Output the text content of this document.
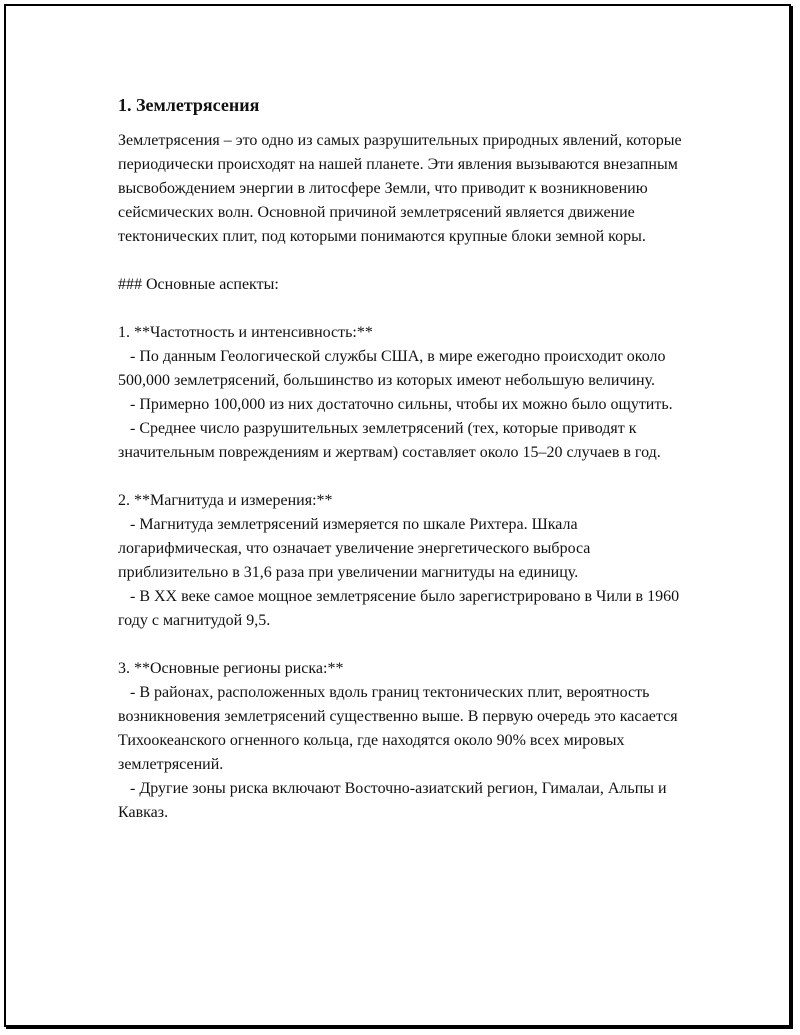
1. Землетрясения

Землетрясения – это одно из самых разрушительных природных явлений, которые периодически происходят на нашей планете. Эти явления вызываются внезапным высвобождением энергии в литосфере Земли, что приводит к возникновению сейсмических волн. Основной причиной землетрясений является движение тектонических плит, под которыми понимаются крупные блоки земной коры.

### Основные аспекты:

1. **Частотность и интенсивность:**

- По данным Геологической службы США, в мире ежегодно происходит около 500,000 землетрясений, большинство из которых имеют небольшую величину.

- Примерно 100,000 из них достаточно сильны, чтобы их можно было ощутить.

- Среднее число разрушительных землетрясений (тех, которые приводят к значительным повреждениям и жертвам) составляет около 15–20 случаев в год.

2. **Магнитуда и измерения:**

- Магнитуда землетрясений измеряется по шкале Рихтера. Шкала логарифмическая, что означает увеличение энергетического выброса приблизительно в 31,6 раза при увеличении магнитуды на единицу.

- В XX веке самое мощное землетрясение было зарегистрировано в Чили в 1960 году с магнитудой 9,5.

3. **Основные регионы риска:**

- В районах, расположенных вдоль границ тектонических плит, вероятность возникновения землетрясений существенно выше. В первую очередь это касается Тихоокеанского огненного кольца, где находятся около 90% всех мировых землетрясений.

- Другие зоны риска включают Восточно-азиатский регион, Гималаи, Альпы и Кавказ.
